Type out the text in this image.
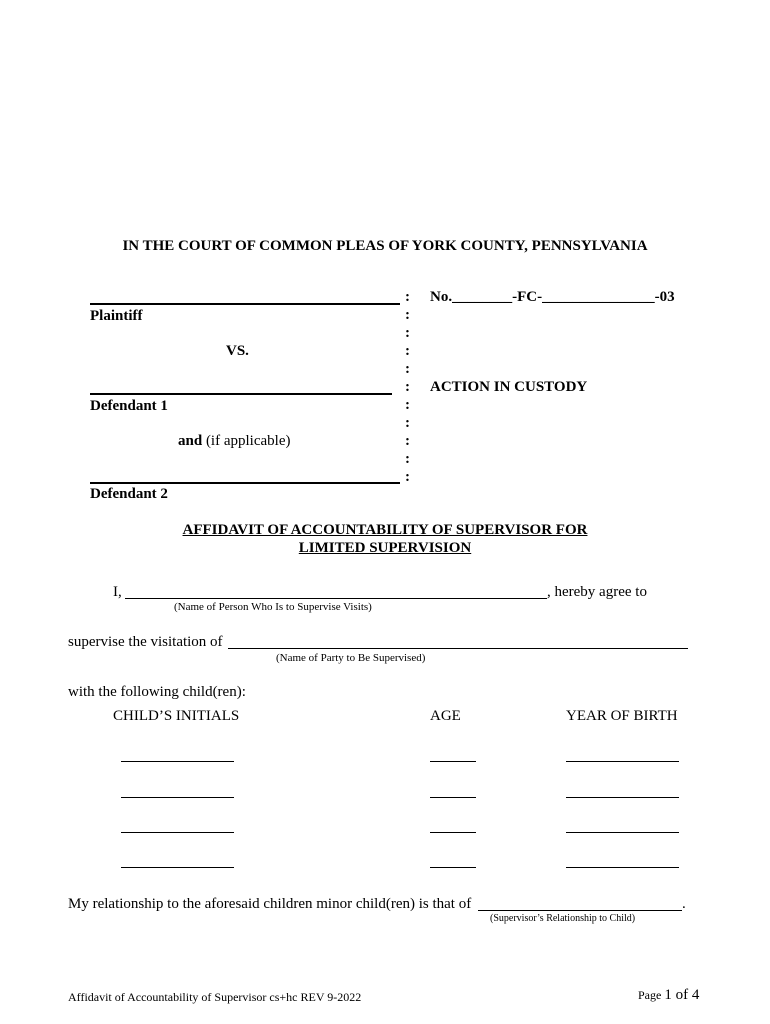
IN THE COURT OF COMMON PLEAS OF YORK COUNTY, PENNSYLVANIA
Plaintiff
VS.
Defendant 1
and (if applicable)
Defendant 2
:
:
:
:
:
:
:
:
:
:
:
No.________-FC-_______________-03
ACTION IN CUSTODY
AFFIDAVIT OF ACCOUNTABILITY OF SUPERVISOR FOR
LIMITED SUPERVISION
I,	, hereby agree to
(Name of Person Who Is to Supervise Visits)
supervise the visitation of
(Name of Party to Be Supervised)
with the following child(ren):
CHILD’S INITIALS	AGE	YEAR OF BIRTH
My relationship to the aforesaid children minor child(ren) is that of	.
(Supervisor’s Relationship to Child)
Affidavit of Accountability of Supervisor cs+hc REV 9-2022	Page 1 of 4
